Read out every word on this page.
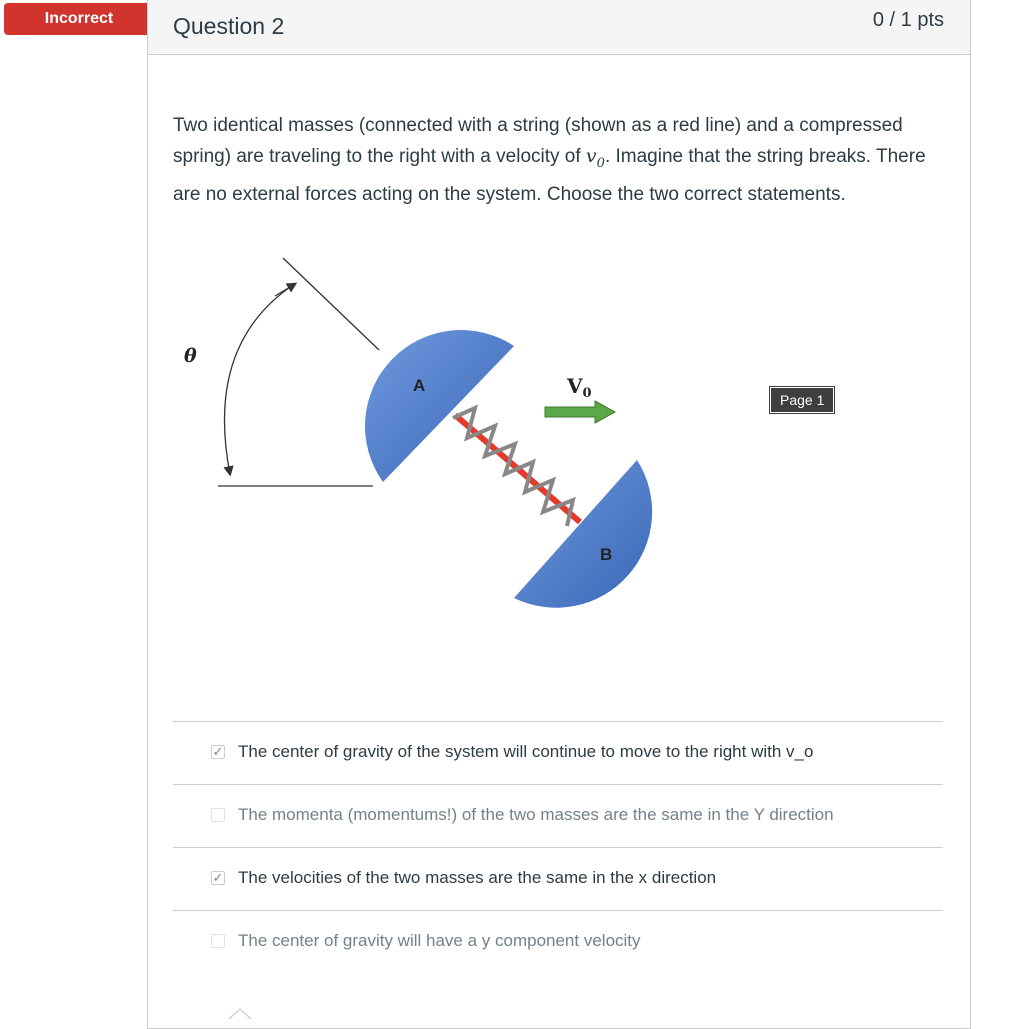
Incorrect	Question 2	0 / 1 pts
Two identical masses (connected with a string (shown as a red line) and a compressed spring) are traveling to the right with a velocity of $v_0$. Imagine that the string breaks. There are no external forces acting on the system. Choose the two correct statements.
θ
A
B
$V_0$	Page 1
✓ The center of gravity of the system will continue to move to the right with v_o
The momenta (momentums!) of the two masses are the same in the Y direction
✓ The velocities of the two masses are the same in the x direction
The center of gravity will have a y component velocity
